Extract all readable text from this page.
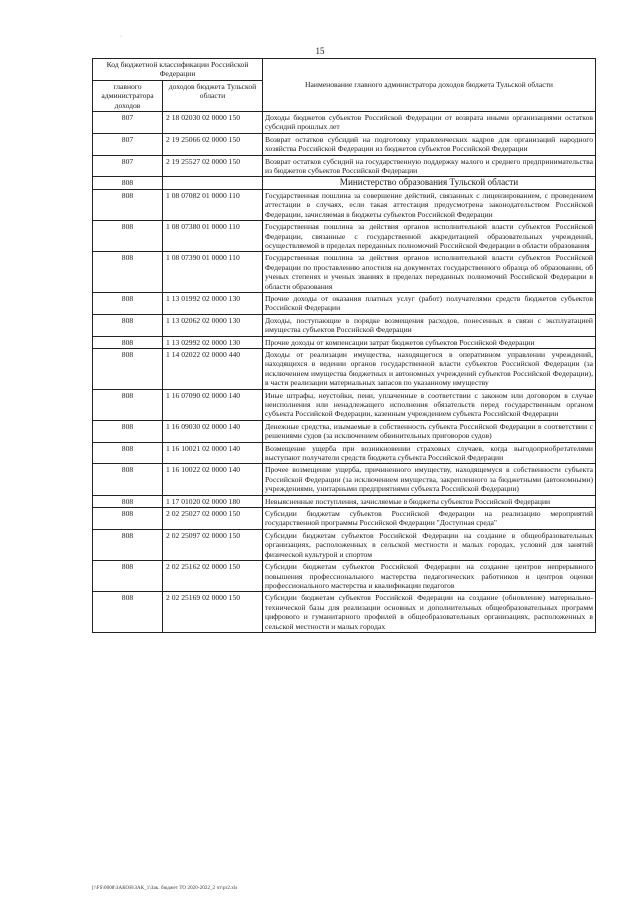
·
15
Код бюджетной классификации Российской Федерации		Наименование главного администратора доходов бюджета Тульской области
главного администратора доходов	доходов бюджета Тульской области	
807	2 18 02030 02 0000 150	Доходы бюджетов субъектов Российской Федерации от возврата иными организациями остатков субсидий прошлых лет
807	2 19 25066 02 0000 150	Возврат остатков субсидий на подготовку управленческих кадров для организаций народного хозяйства Российской Федерации из бюджетов субъектов Российской Федерации
807	2 19 25527 02 0000 150	Возврат остатков субсидий на государственную поддержку малого и среднего предпринимательства из бюджетов субъектов Российской Федерации
808		Министерство образования Тульской области
808	1 08 07082 01 0000 110	Государственная пошлина за совершение действий, связанных с лицензированием, с проведением аттестации в случаях, если такая аттестация предусмотрена законодательством Российской Федерации, зачисляемая в бюджеты субъектов Российской Федерации
808	1 08 07380 01 0000 110	Государственная пошлина за действия органов исполнительной власти субъектов Российской Федерации, связанные с государственной аккредитацией образовательных учреждений, осуществляемой в пределах переданных полномочий Российской Федерации в области образования
808	1 08 07390 01 0000 110	Государственная пошлина за действия органов исполнительной власти субъектов Российской Федерации по проставлению апостиля на документах государственного образца об образовании, об ученых степенях и ученых званиях в пределах переданных полномочий Российской Федерации в области образования
808	1 13 01992 02 0000 130	Прочие доходы от оказания платных услуг (работ) получателями средств бюджетов субъектов Российской Федерации
808	1 13 02062 02 0000 130	Доходы, поступающие в порядке возмещения расходов, понесенных в связи с эксплуатацией имущества субъектов Российской Федерации
808	1 13 02992 02 0000 130	Прочие доходы от компенсации затрат бюджетов субъектов Российской Федерации
808	1 14 02022 02 0000 440	Доходы от реализации имущества, находящегося в оперативном управлении учреждений, находящихся в ведении органов государственной власти субъектов Российской Федерации (за исключением имущества бюджетных и автономных учреждений субъектов Российской Федерации), в части реализации материальных запасов по указанному имуществу
808	1 16 07090 02 0000 140	Иные штрафы, неустойки, пени, уплаченные в соответствии с законом или договором в случае неисполнения или ненадлежащего исполнения обязательств перед государственным органом субъекта Российской Федерации, казенным учреждением субъекта Российской Федерации
808	1 16 09030 02 0000 140	Денежные средства, изымаемые в собственность субъекта Российской Федерации в соответствии с решениями судов (за исключением обвинительных приговоров судов)
808	1 16 10021 02 0000 140	Возмещение ущерба при возникновении страховых случаев, когда выгодоприобретателями выступают получатели средств бюджета субъекта Российской Федерации
808	1 16 10022 02 0000 140	Прочее возмещение ущерба, причиненного имуществу, находящемуся в собственности субъекта Российской Федерации (за исключением имущества, закрепленного за бюджетными (автономными) учреждениями, унитарными предприятиями субъекта Российской Федерации)
808	1 17 01020 02 0000 180	Невыясненные поступления, зачисляемые в бюджеты субъектов Российской Федерации
808	2 02 25027 02 0000 150	Субсидии бюджетам субъектов Российской Федерации на реализацию мероприятий государственной программы Российской Федерации "Доступная среда"
808	2 02 25097 02 0000 150	Субсидии бюджетам субъектов Российской Федерации на создание в общеобразовательных организациях, расположенных в сельской местности и малых городах, условий для занятий физической культурой и спортом
808	2 02 25162 02 0000 150	Субсидии бюджетам субъектов Российской Федерации на создание центров непрерывного повышения профессионального мастерства педагогических работников и центров оценки профессионального мастерства и квалификации педагогов
808	2 02 25169 02 0000 150	Субсидии бюджетам субъектов Российской Федерации на создание (обновление) материально-технической базы для реализации основных и дополнительных общеобразовательных программ цифрового и гуманитарного профилей в общеобразовательных организациях, расположенных в сельской местности и малых городах
[\\FS\0008\ЗАКОН\ЗАК_1\Зак. бюджет ТО 2020-2022_2 чт\pr2.xls
